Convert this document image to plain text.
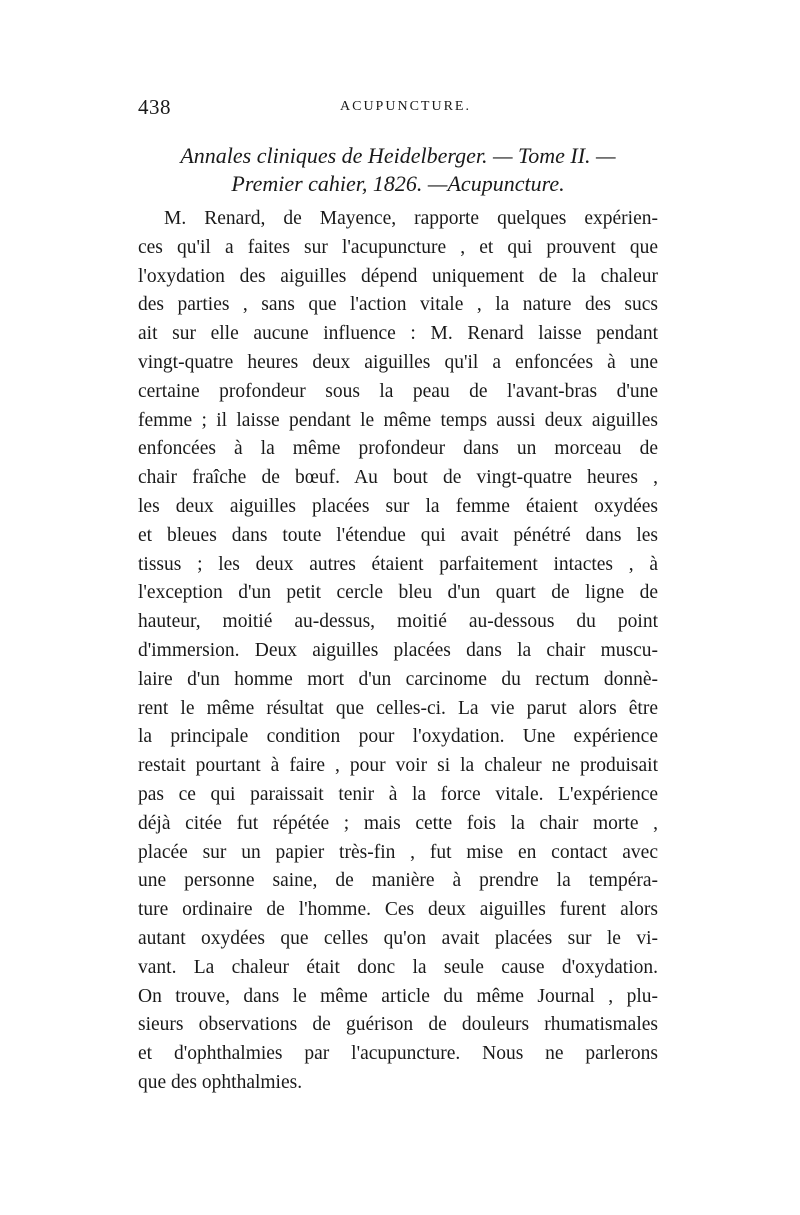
438	ACUPUNCTURE.
Annales cliniques de Heidelberger. — Tome II. —
Premier cahier, 1826. —Acupuncture.
M. Renard, de Mayence, rapporte quelques expérien-
ces qu'il a faites sur l'acupuncture , et qui prouvent que
l'oxydation des aiguilles dépend uniquement de la chaleur
des parties , sans que l'action vitale , la nature des sucs
ait sur elle aucune influence : M. Renard laisse pendant
vingt-quatre heures deux aiguilles qu'il a enfoncées à une
certaine profondeur sous la peau de l'avant-bras d'une
femme ; il laisse pendant le même temps aussi deux aiguilles
enfoncées à la même profondeur dans un morceau de
chair fraîche de bœuf. Au bout de vingt-quatre heures ,
les deux aiguilles placées sur la femme étaient oxydées
et bleues dans toute l'étendue qui avait pénétré dans les
tissus ; les deux autres étaient parfaitement intactes , à
l'exception d'un petit cercle bleu d'un quart de ligne de
hauteur, moitié au-dessus, moitié au-dessous du point
d'immersion. Deux aiguilles placées dans la chair muscu-
laire d'un homme mort d'un carcinome du rectum donnè-
rent le même résultat que celles-ci. La vie parut alors être
la principale condition pour l'oxydation. Une expérience
restait pourtant à faire , pour voir si la chaleur ne produisait
pas ce qui paraissait tenir à la force vitale. L'expérience
déjà citée fut répétée ; mais cette fois la chair morte ,
placée sur un papier très-fin , fut mise en contact avec
une personne saine, de manière à prendre la tempéra-
ture ordinaire de l'homme. Ces deux aiguilles furent alors
autant oxydées que celles qu'on avait placées sur le vi-
vant. La chaleur était donc la seule cause d'oxydation.
On trouve, dans le même article du même Journal , plu-
sieurs observations de guérison de douleurs rhumatismales
et d'ophthalmies par l'acupuncture. Nous ne parlerons
que des ophthalmies.
